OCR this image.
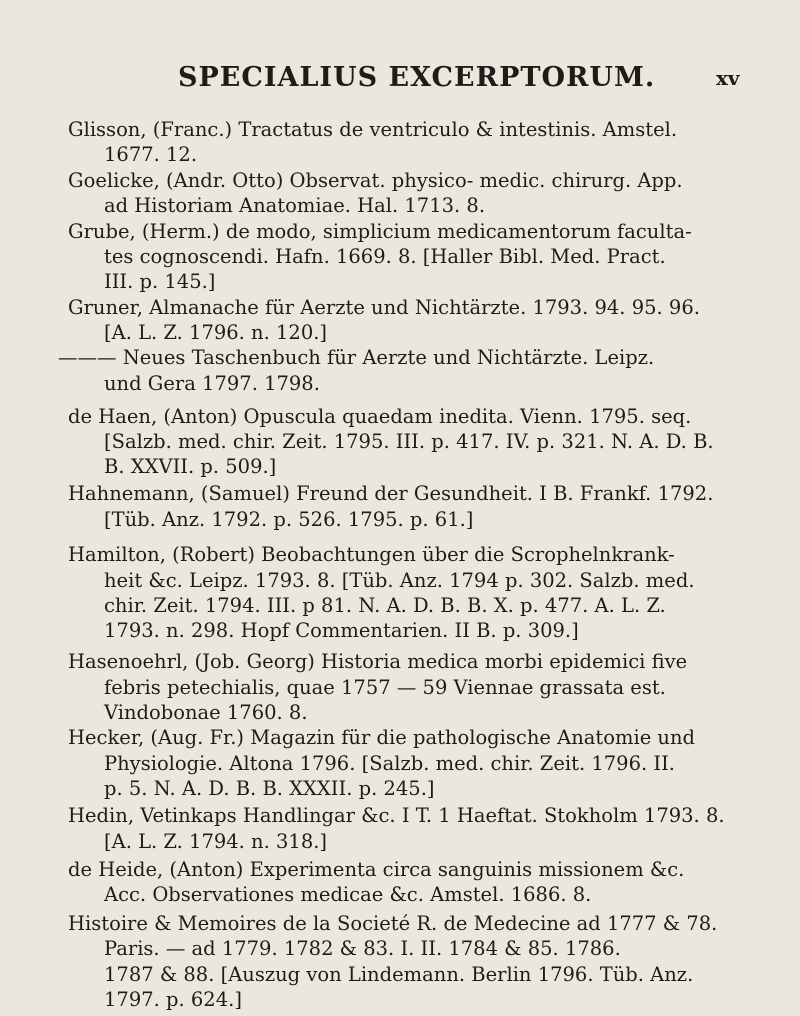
SPECIALIUS EXCERPTORUM.	xv
Glisson, (Franc.) Tractatus de ventriculo & intestinis. Amstel.
1677. 12.
Goelicke, (Andr. Otto) Observat. physico- medic. chirurg. App.
ad Historiam Anatomiae. Hal. 1713. 8.
Grube, (Herm.) de modo, simplicium medicamentorum faculta-
tes cognoscendi. Hafn. 1669. 8. [Haller Bibl. Med. Pract.
III. p. 145.]
Gruner, Almanache für Aerzte und Nichtärzte. 1793. 94. 95. 96.
[A. L. Z. 1796. n. 120.]
——— Neues Taschenbuch für Aerzte und Nichtärzte. Leipz.
und Gera 1797. 1798.
de Haen, (Anton) Opuscula quaedam inedita. Vienn. 1795. seq.
[Salzb. med. chir. Zeit. 1795. III. p. 417. IV. p. 321. N. A. D. B.
B. XXVII. p. 509.]
Hahnemann, (Samuel) Freund der Gesundheit. I B. Frankf. 1792.
[Tüb. Anz. 1792. p. 526. 1795. p. 61.]
Hamilton, (Robert) Beobachtungen über die Scrophelnkrank-
heit &c. Leipz. 1793. 8. [Tüb. Anz. 1794 p. 302. Salzb. med.
chir. Zeit. 1794. III. p 81. N. A. D. B. B. X. p. 477. A. L. Z.
1793. n. 298. Hopf Commentarien. II B. p. 309.]
Hasenoehrl, (Job. Georg) Historia medica morbi epidemici five
febris petechialis, quae 1757 — 59 Viennae grassata est.
Vindobonae 1760. 8.
Hecker, (Aug. Fr.) Magazin für die pathologische Anatomie und
Physiologie. Altona 1796. [Salzb. med. chir. Zeit. 1796. II.
p. 5. N. A. D. B. B. XXXII. p. 245.]
Hedin, Vetinkaps Handlingar &c. I T. 1 Haeftat. Stokholm 1793. 8.
[A. L. Z. 1794. n. 318.]
de Heide, (Anton) Experimenta circa sanguinis missionem &c.
Acc. Observationes medicae &c. Amstel. 1686. 8.
Histoire & Memoires de la Societé R. de Medecine ad 1777 & 78.
Paris. — ad 1779. 1782 & 83. I. II. 1784 & 85. 1786.
1787 & 88. [Auszug von Lindemann. Berlin 1796. Tüb. Anz.
1797. p. 624.]
